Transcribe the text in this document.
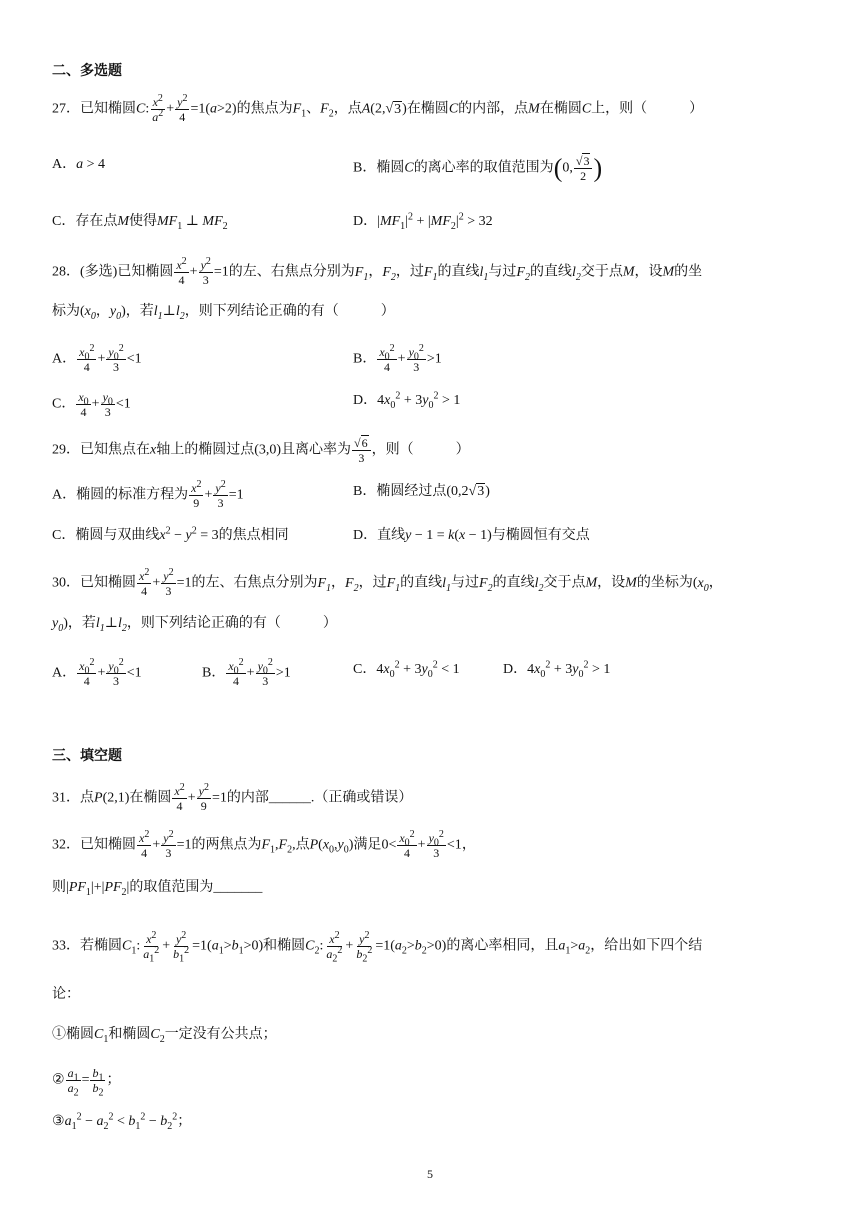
二、多选题
27．已知椭圆C: $\frac{x^2}{a^2} + \frac{y^2}{4} =1(a>2)$的焦点为$F_1$、$F_2$，点A(2,√3)在椭圆C的内部，点M在椭圆C上，则（　　　）
A．a > 4	B．椭圆C的离心率的取值范围为(0, $\frac{√3}{2}$ )
C．存在点M使得$MF_1$ ⊥ $MF_2$	D．$|MF_1|^2 + |MF_2|^2 > 32$
28．(多选)已知椭圆 $\frac{x^2}{4} + \frac{y^2}{3} =1$的左、右焦点分别为$F_1$，$F_2$，过$F_1$的直线$l_1$与过$F_2$的直线$l_2$交于点M，设M的坐
标为($x_0$，$y_0$)，若$l_1\perp l_2$，则下列结论正确的有（　　　）
A． $\frac{x_0^2}{4} + \frac{y_0^2}{3} <1$	B． $\frac{x_0^2}{4} + \frac{y_0^2}{3} >1$
C． $\frac{x_0}{4} + \frac{y_0}{3} <1$	D．$4x_0^2 + 3y_0^2 > 1$
29．已知焦点在x轴上的椭圆过点(3,0)且离心率为 $\frac{√6}{3}$ ，则（　　　）
A．椭圆的标准方程为 $\frac{x^2}{9} + \frac{y^2}{3} =1$	B．椭圆经过点(0,2√3)
C．椭圆与双曲线$x^2 - y^2 = 3$的焦点相同	D．直线y − 1 = k(x − 1)与椭圆恒有交点
30．已知椭圆 $\frac{x^2}{4} + \frac{y^2}{3} =1$的左、右焦点分别为$F_1$，$F_2$，过$F_1$的直线$l_1$与过$F_2$的直线$l_2$交于点M，设M的坐标为($x_0$，
$y_0$)，若$l_1\perp l_2$，则下列结论正确的有（　　　）
A． $\frac{x_0^2}{4} + \frac{y_0^2}{3} <1$	B． $\frac{x_0^2}{4} + \frac{y_0^2}{3} >1$	C．$4x_0^2 + 3y_0^2 < 1$	D．$4x_0^2 + 3y_0^2 > 1$
三、填空题
31．点P(2,1)在椭圆 $\frac{x^2}{4} + \frac{y^2}{9} =1$的内部______.（正确或错误）
32．已知椭圆 $\frac{x^2}{4} + \frac{y^2}{3} =1$的两焦点为$F_1,F_2$,点$P(x_0,y_0)$满足$0< \frac{x_0^2}{4} + \frac{y_0^2}{3} <1$，
则$|PF_1|+|PF_2|$的取值范围为_______
33．若椭圆$C_1$: $\frac{x^2}{a_1^2} + \frac{y^2}{b_1^2} =1(a_1>b_1>0)$和椭圆$C_2$: $\frac{x^2}{a_2^2} + \frac{y^2}{b_2^2} =1(a_2>b_2>0)$的离心率相同，且$a_1>a_2$，给出如下四个结
论：
①椭圆$C_1$和椭圆$C_2$一定没有公共点；
② $\frac{a_1}{a_2} = \frac{b_1}{b_2}$ ；
$③a_1^2 - a_2^2 < b_1^2 - b_2^2$；
5
